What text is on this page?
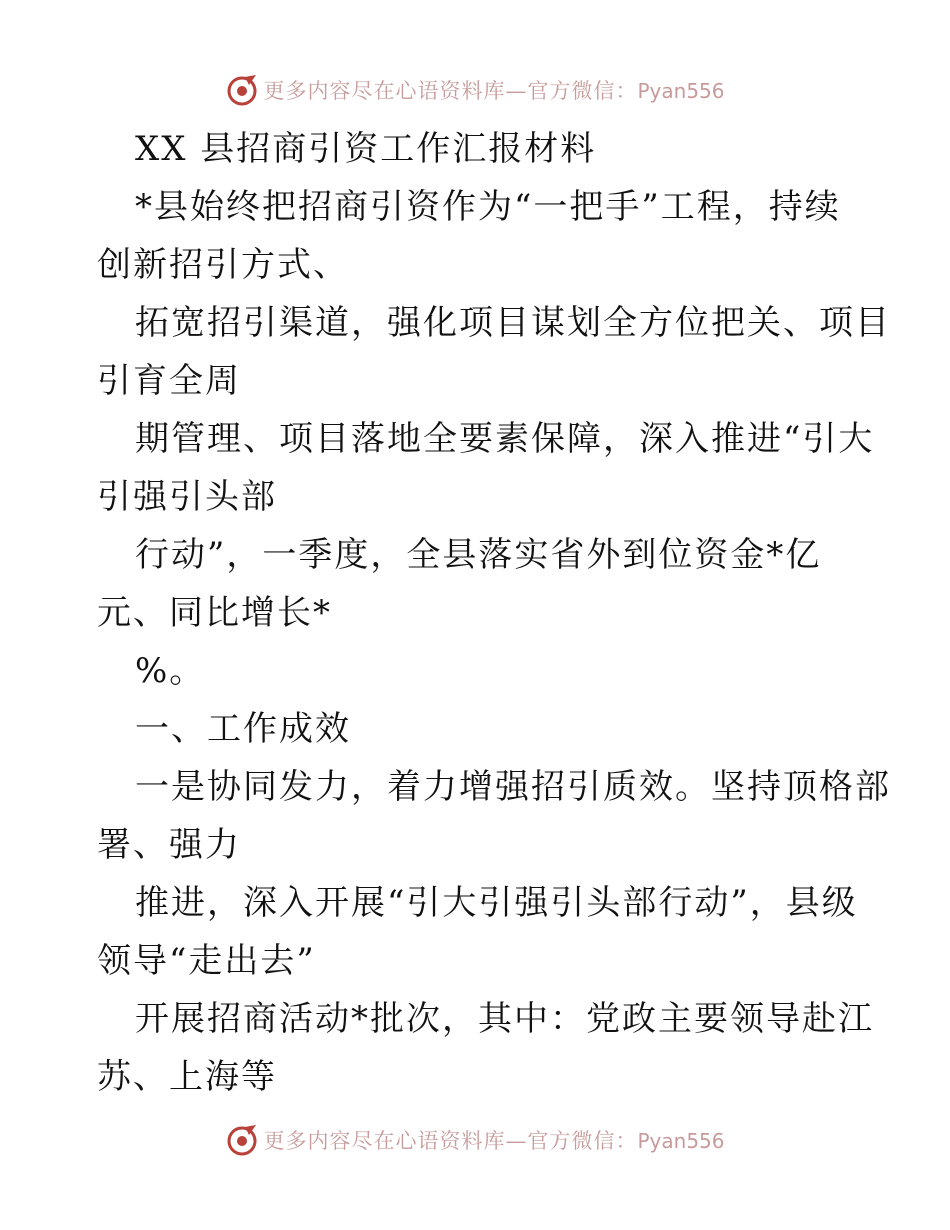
更多内容尽在心语资料库—官方微信：Pyan556
XX 县招商引资工作汇报材料
*县始终把招商引资作为“一把手”工程，持续
创新招引方式、
拓宽招引渠道，强化项目谋划全方位把关、项目
引育全周
期管理、项目落地全要素保障，深入推进“引大
引强引头部
行动”，一季度，全县落实省外到位资金*亿
元、同比增长*
%。
一、工作成效
一是协同发力，着力增强招引质效。坚持顶格部
署、强力
推进，深入开展“引大引强引头部行动”，县级
领导“走出去”
开展招商活动*批次，其中：党政主要领导赴江
苏、上海等
更多内容尽在心语资料库—官方微信：Pyan556
